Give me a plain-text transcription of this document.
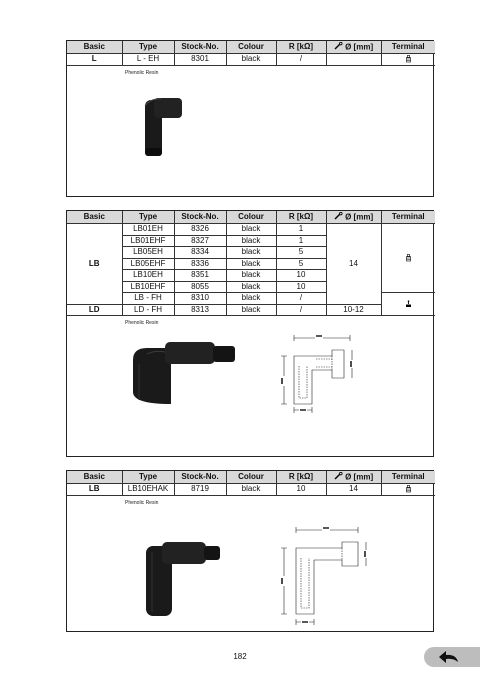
Basic	Type	Stock-No.	Colour	R [kΩ]	Ø [mm]	Terminal
L	L - EH	8301	black	/		
Phenolic Resin
Basic	Type	Stock-No.	Colour	R [kΩ]	Ø [mm]	Terminal
LB	LB01EH	8326	black	1	14	
	LB01EHF	8327	black	1		
	LB05EH	8334	black	5		
	LB05EHF	8336	black	5		
	LB10EH	8351	black	10		
	LB10EHF	8055	black	10		
	LB - FH	8310	black	/	
LD	LD - FH	8313	black	/	10-12	
Phenolic Resin
Basic	Type	Stock-No.	Colour	R [kΩ]	Ø [mm]	Terminal
LB	LB10EHAK	8719	black	10	14	
Phenolic Resin
182
